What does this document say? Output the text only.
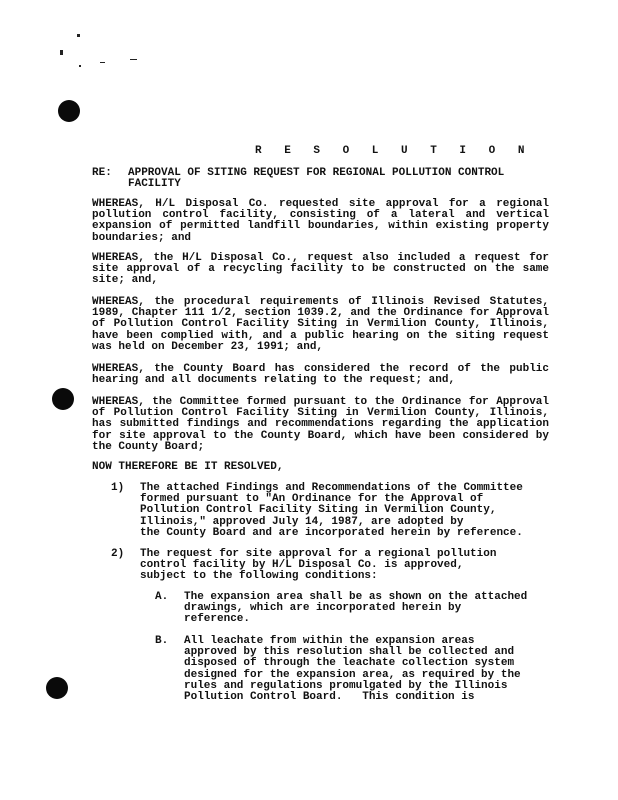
R E S O L U T I O N

RE: APPROVAL OF SITING REQUEST FOR REGIONAL POLLUTION CONTROL
FACILITY

WHEREAS, H/L Disposal Co. requested site approval for a regional pollution control facility, consisting of a lateral and vertical expansion of permitted landfill boundaries, within existing property boundaries; and

WHEREAS, the H/L Disposal Co., request also included a request for site approval of a recycling facility to be constructed on the same site; and,

WHEREAS, the procedural requirements of Illinois Revised Statutes, 1989, Chapter 111 1/2, section 1039.2, and the Ordinance for Approval of Pollution Control Facility Siting in Vermilion County, Illinois, have been complied with, and a public hearing on the siting request was held on December 23, 1991; and,

WHEREAS, the County Board has considered the record of the public hearing and all documents relating to the request; and,

WHEREAS, the Committee formed pursuant to the Ordinance for Approval of Pollution Control Facility Siting in Vermilion County, Illinois, has submitted findings and recommendations regarding the application for site approval to the County Board, which have been considered by the County Board;

NOW THEREFORE BE IT RESOLVED,

1) The attached Findings and Recommendations of the Committee
formed pursuant to "An Ordinance for the Approval of
Pollution Control Facility Siting in Vermilion County,
Illinois," approved July 14, 1987, are adopted by
the County Board and are incorporated herein by reference.

2) The request for site approval for a regional pollution
control facility by H/L Disposal Co. is approved,
subject to the following conditions:

A. The expansion area shall be as shown on the attached
drawings, which are incorporated herein by
reference.

B. All leachate from within the expansion areas
approved by this resolution shall be collected and
disposed of through the leachate collection system
designed for the expansion area, as required by the
rules and regulations promulgated by the Illinois
Pollution Control Board.   This condition is
